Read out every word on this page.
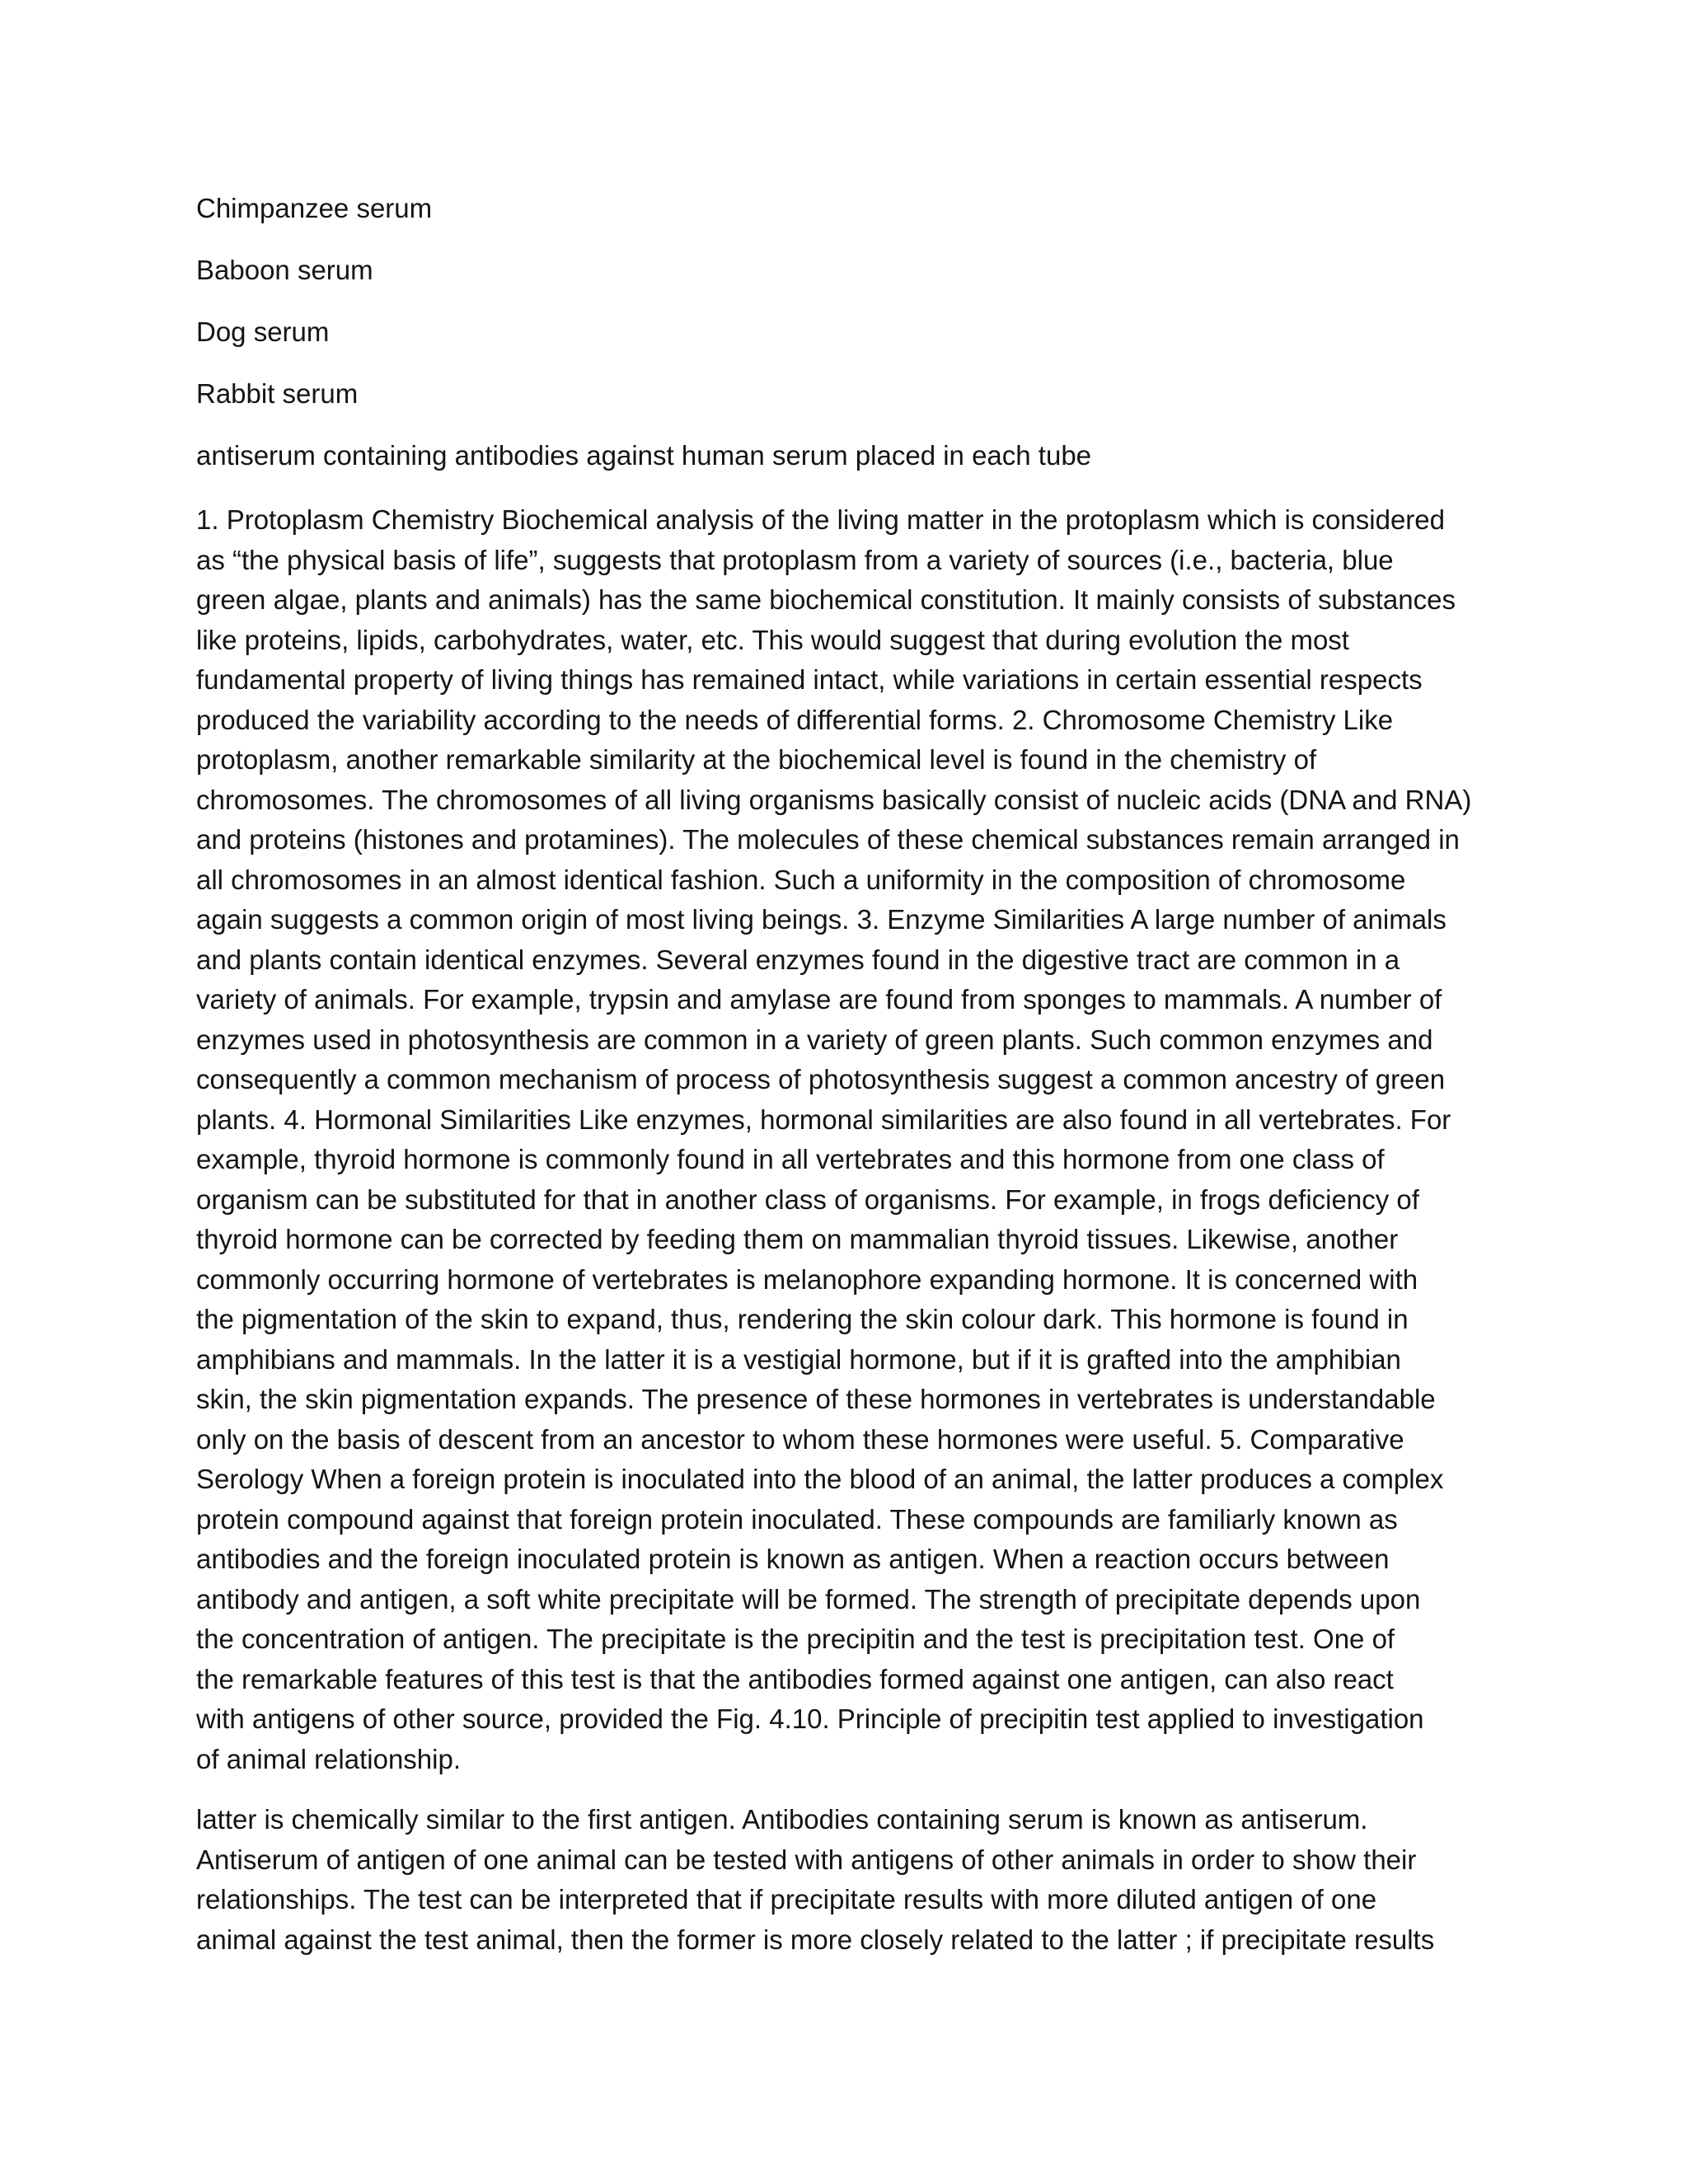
Chimpanzee serum

Baboon serum

Dog serum

Rabbit serum

antiserum containing antibodies against human serum placed in each tube

1. Protoplasm Chemistry Biochemical analysis of the living matter in the protoplasm which is considered
as “the physical basis of life”, suggests that protoplasm from a variety of sources (i.e., bacteria, blue
green algae, plants and animals) has the same biochemical constitution. It mainly consists of substances
like proteins, lipids, carbohydrates, water, etc. This would suggest that during evolution the most
fundamental property of living things has remained intact, while variations in certain essential respects
produced the variability according to the needs of differential forms. 2. Chromosome Chemistry Like
protoplasm, another remarkable similarity at the biochemical level is found in the chemistry of
chromosomes. The chromosomes of all living organisms basically consist of nucleic acids (DNA and RNA)
and proteins (histones and protamines). The molecules of these chemical substances remain arranged in
all chromosomes in an almost identical fashion. Such a uniformity in the composition of chromosome
again suggests a common origin of most living beings. 3. Enzyme Similarities A large number of animals
and plants contain identical enzymes. Several enzymes found in the digestive tract are common in a
variety of animals. For example, trypsin and amylase are found from sponges to mammals. A number of
enzymes used in photosynthesis are common in a variety of green plants. Such common enzymes and
consequently a common mechanism of process of photosynthesis suggest a common ancestry of green
plants. 4. Hormonal Similarities Like enzymes, hormonal similarities are also found in all vertebrates. For
example, thyroid hormone is commonly found in all vertebrates and this hormone from one class of
organism can be substituted for that in another class of organisms. For example, in frogs deficiency of
thyroid hormone can be corrected by feeding them on mammalian thyroid tissues. Likewise, another
commonly occurring hormone of vertebrates is melanophore expanding hormone. It is concerned with
the pigmentation of the skin to expand, thus, rendering the skin colour dark. This hormone is found in
amphibians and mammals. In the latter it is a vestigial hormone, but if it is grafted into the amphibian
skin, the skin pigmentation expands. The presence of these hormones in vertebrates is understandable
only on the basis of descent from an ancestor to whom these hormones were useful. 5. Comparative
Serology When a foreign protein is inoculated into the blood of an animal, the latter produces a complex
protein compound against that foreign protein inoculated. These compounds are familiarly known as
antibodies and the foreign inoculated protein is known as antigen. When a reaction occurs between
antibody and antigen, a soft white precipitate will be formed. The strength of precipitate depends upon
the concentration of antigen. The precipitate is the precipitin and the test is precipitation test. One of
the remarkable features of this test is that the antibodies formed against one antigen, can also react
with antigens of other source, provided the Fig. 4.10. Principle of precipitin test applied to investigation
of animal relationship.
latter is chemically similar to the first antigen. Antibodies containing serum is known as antiserum.
Antiserum of antigen of one animal can be tested with antigens of other animals in order to show their
relationships. The test can be interpreted that if precipitate results with more diluted antigen of one
animal against the test animal, then the former is more closely related to the latter ; if precipitate results
